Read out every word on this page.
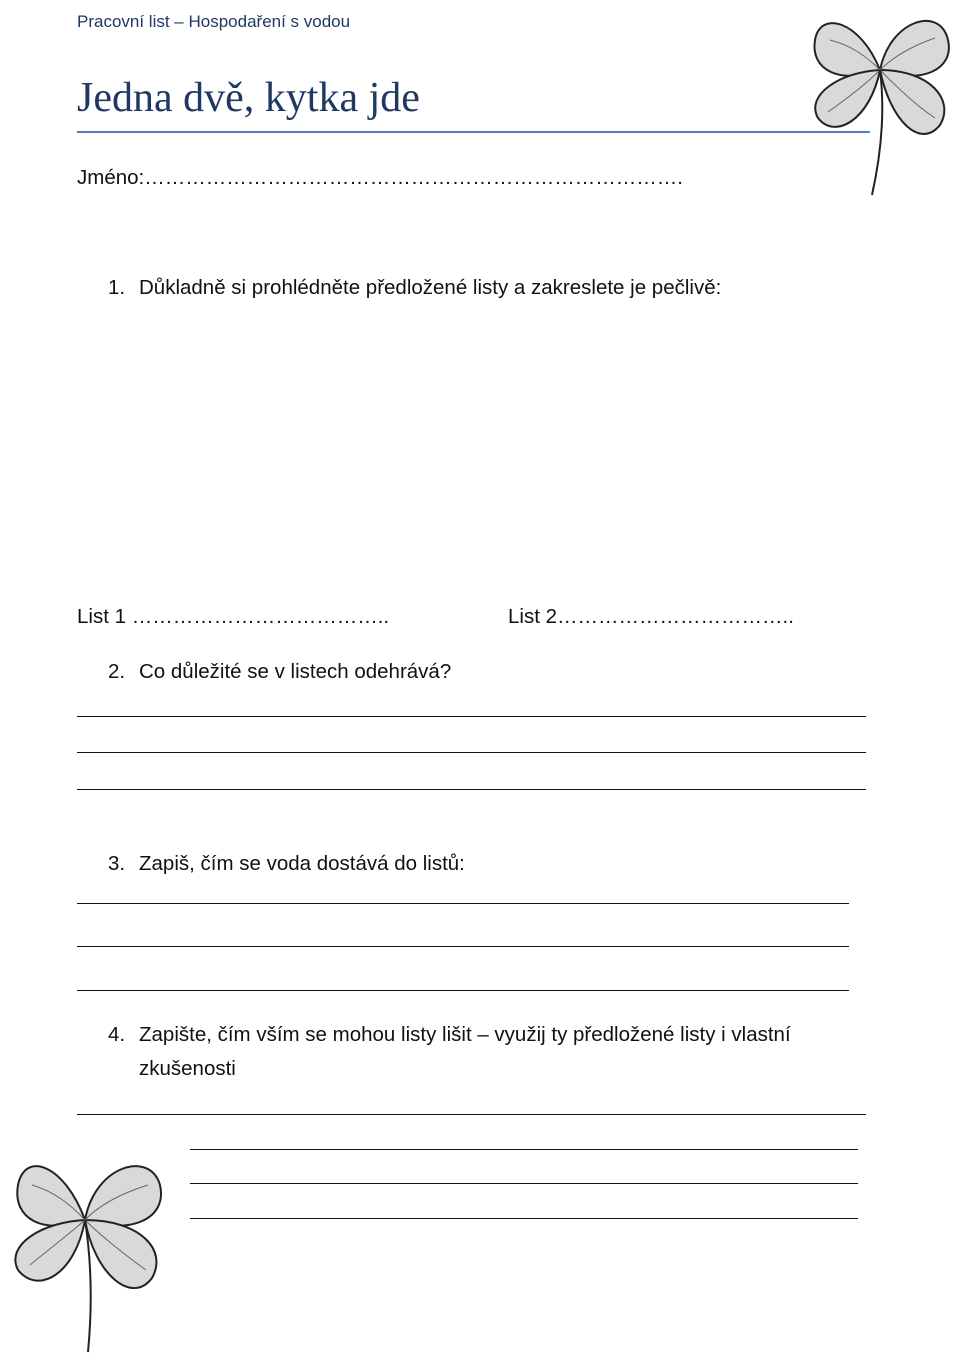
Pracovní list – Hospodaření s vodou
Jedna dvě, kytka jde
Jméno:…………………………………………………………………….
1. Důkladně si prohlédněte předložené listy a zakreslete je pečlivě:
List 1 ………………………………..	List 2……………………………..
2. Co důležité se v listech odehrává?
3. Zapiš, čím se voda dostává do listů:
4. Zapište, čím vším se mohou listy lišit – využij ty předložené listy i vlastní
zkušenosti
